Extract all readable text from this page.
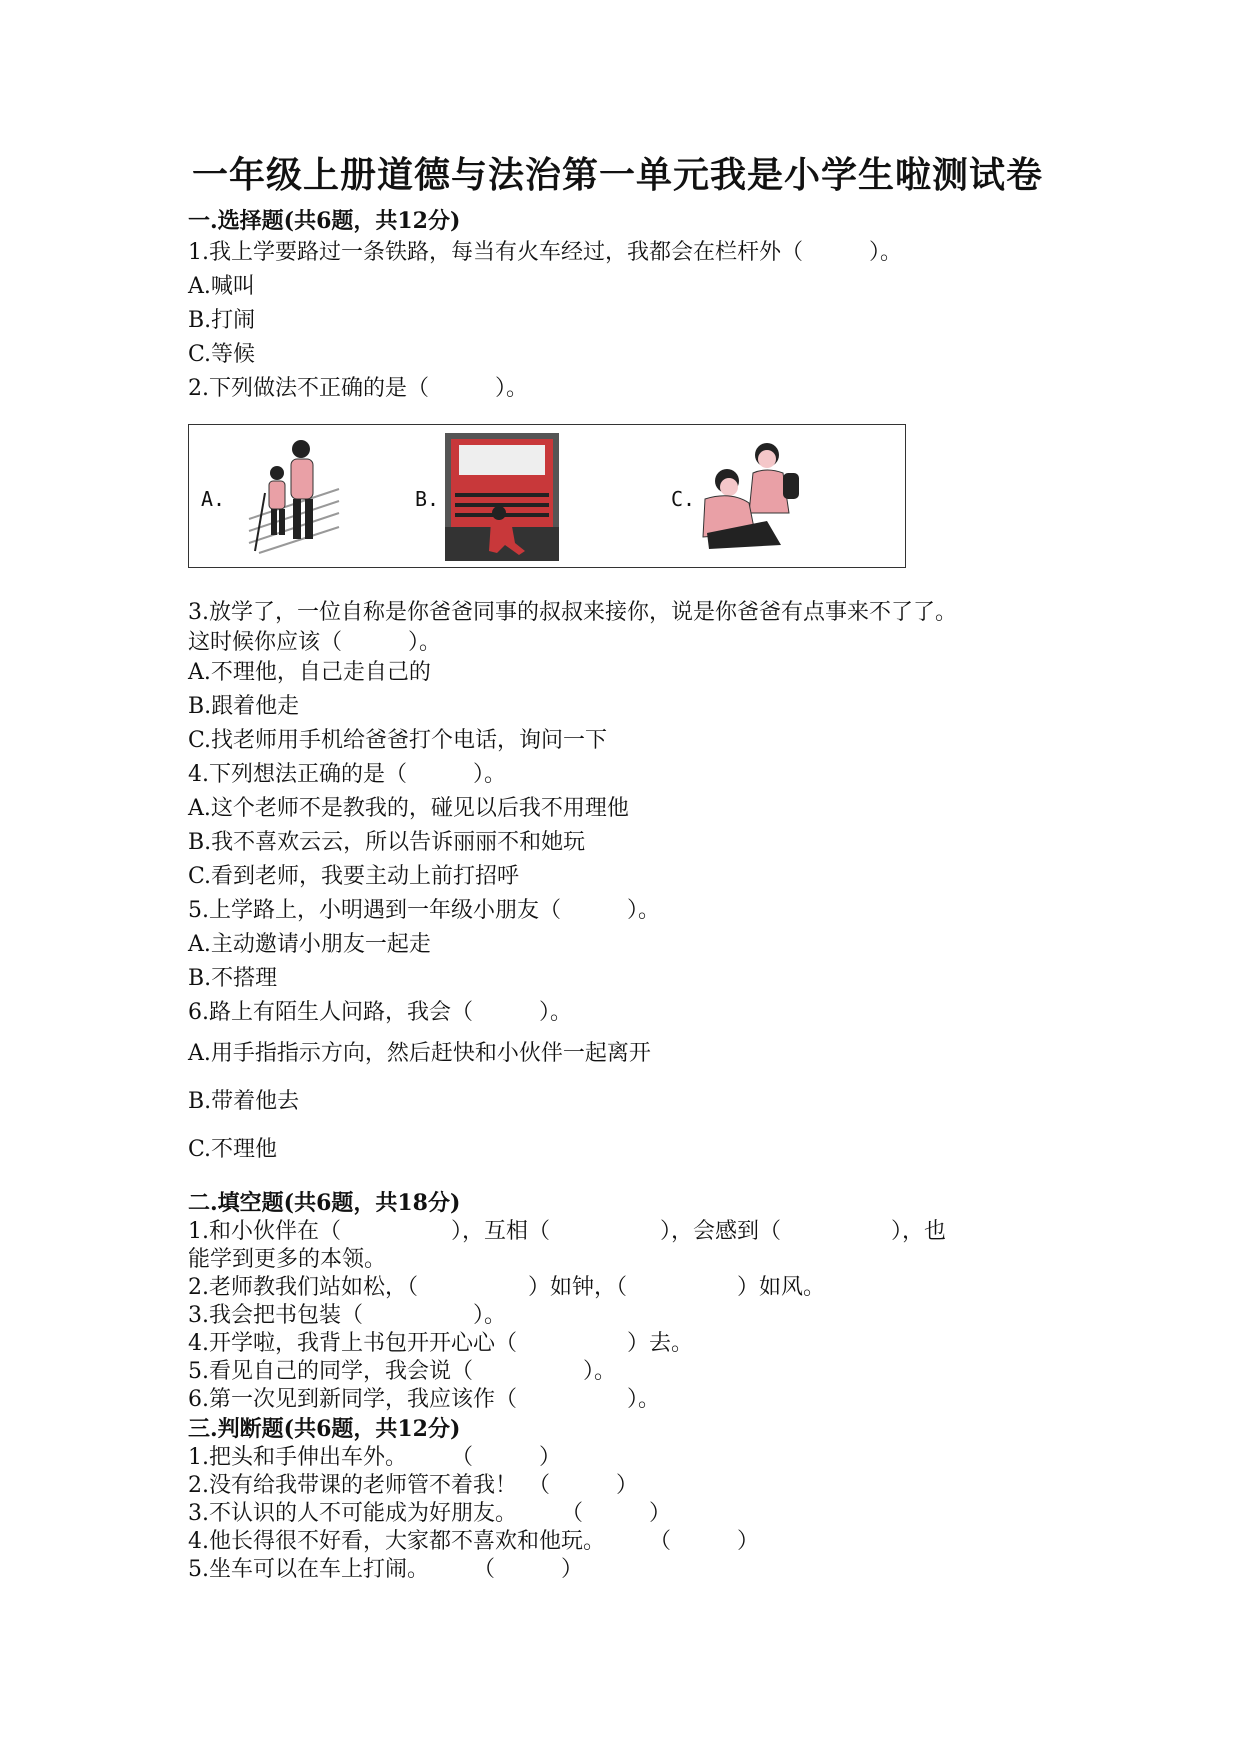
一年级上册道德与法治第一单元我是小学生啦测试卷

一.选择题(共6题，共12分)

1.我上学要路过一条铁路，每当有火车经过，我都会在栏杆外（　　　）。

A.喊叫

B.打闹

C.等候

2.下列做法不正确的是（　　　）。

A.	B.	C.

3.放学了，一位自称是你爸爸同事的叔叔来接你，说是你爸爸有点事来不了了。

这时候你应该（　　　）。

A.不理他，自己走自己的

B.跟着他走

C.找老师用手机给爸爸打个电话，询问一下

4.下列想法正确的是（　　　）。

A.这个老师不是教我的，碰见以后我不用理他

B.我不喜欢云云，所以告诉丽丽不和她玩

C.看到老师，我要主动上前打招呼

5.上学路上，小明遇到一年级小朋友（　　　）。

A.主动邀请小朋友一起走

B.不搭理

6.路上有陌生人问路，我会（　　　）。

A.用手指指示方向，然后赶快和小伙伴一起离开

B.带着他去

C.不理他

二.填空题(共6题，共18分)

1.和小伙伴在（　　　　　），互相（　　　　　），会感到（　　　　　），也

能学到更多的本领。

2.老师教我们站如松，（　　　　　）如钟，（　　　　　）如风。

3.我会把书包装（　　　　　）。

4.开学啦，我背上书包开开心心（　　　　　）去。

5.看见自己的同学，我会说（　　　　　）。

6.第一次见到新同学，我应该作（　　　　　）。

三.判断题(共6题，共12分)

1.把头和手伸出车外。　　　（　　　）

2.没有给我带课的老师管不着我！　（　　　）

3.不认识的人不可能成为好朋友。　　　（　　　）

4.他长得很不好看，大家都不喜欢和他玩。　　　（　　　）

5.坐车可以在车上打闹。　　　（　　　）
